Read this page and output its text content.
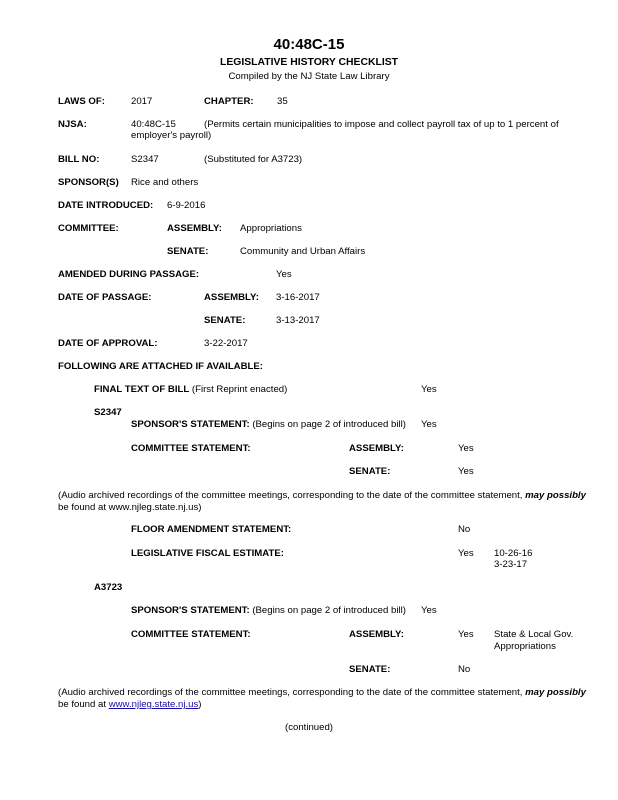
40:48C-15
LEGISLATIVE HISTORY CHECKLIST
Compiled by the NJ State Law Library
LAWS OF:	2017	CHAPTER: 35
NJSA:	40:48C-15	(Permits certain municipalities to impose and collect payroll tax of up to 1 percent of
employer's payroll)
BILL NO:	S2347	(Substituted for A3723)
SPONSOR(S) Rice and others
DATE INTRODUCED: 6-9-2016
COMMITTEE:	ASSEMBLY: Appropriations
SENATE:	Community and Urban Affairs
AMENDED DURING PASSAGE:	Yes
DATE OF PASSAGE:	ASSEMBLY: 3-16-2017
SENATE:	3-13-2017
DATE OF APPROVAL:	3-22-2017
FOLLOWING ARE ATTACHED IF AVAILABLE:
FINAL TEXT OF BILL (First Reprint enacted)	Yes
S2347
SPONSOR'S STATEMENT: (Begins on page 2 of introduced bill) Yes
COMMITTEE STATEMENT:	ASSEMBLY:	Yes
SENATE:	Yes
(Audio archived recordings of the committee meetings, corresponding to the date of the committee statement, may possibly
be found at www.njleg.state.nj.us)
FLOOR AMENDMENT STATEMENT:	No
LEGISLATIVE FISCAL ESTIMATE:	Yes 10-26-16
3-23-17
A3723
SPONSOR'S STATEMENT: (Begins on page 2 of introduced bill) Yes
COMMITTEE STATEMENT:	ASSEMBLY:	Yes State & Local Gov.
Appropriations
SENATE:	No
(Audio archived recordings of the committee meetings, corresponding to the date of the committee statement, may possibly
be found at www.njleg.state.nj.us)
(continued)
